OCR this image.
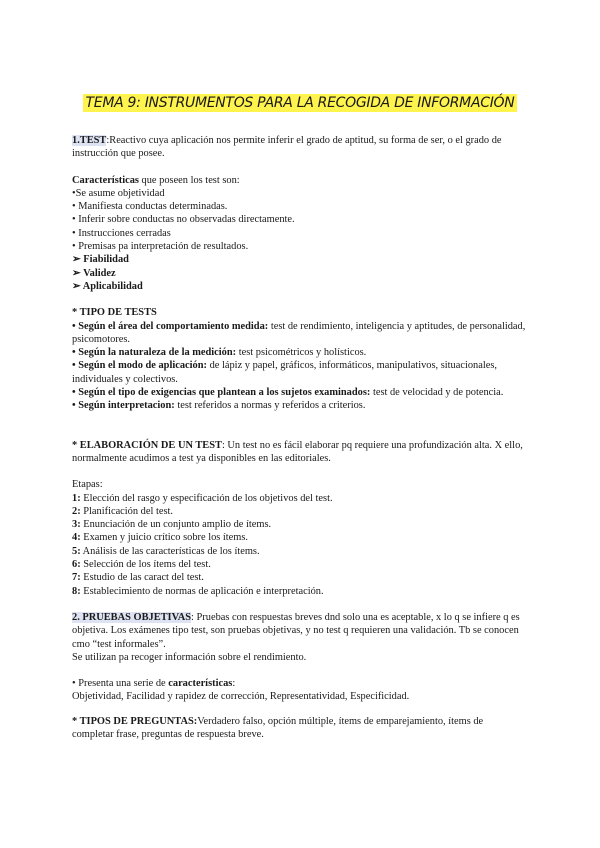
TEMA 9: INSTRUMENTOS PARA LA RECOGIDA DE INFORMACIÓN

1.TEST:Reactivo cuya aplicación nos permite inferir el grado de aptitud, su forma de ser, o el grado de instrucción que posee.

Características que poseen los test son:

•Se asume objetividad

• Manifiesta conductas determinadas.

• Inferir sobre conductas no observadas directamente.

• Instrucciones cerradas

• Premisas pa interpretación de resultados.

➢ Fiabilidad

➢ Validez

➢ Aplicabilidad

* TIPO DE TESTS

• Según el área del comportamiento medida: test de rendimiento, inteligencia y aptitudes, de personalidad, psicomotores.

• Según la naturaleza de la medición: test psicométricos y holísticos.

• Según el modo de aplicación: de lápiz y papel, gráficos, informáticos, manipulativos, situacionales, individuales y colectivos.

• Según el tipo de exigencias que plantean a los sujetos examinados: test de velocidad y de potencia.

• Según interpretacion: test referidos a normas y referidos a criterios.

* ELABORACIÓN DE UN TEST: Un test no es fácil elaborar pq requiere una profundización alta. X ello, normalmente acudimos a test ya disponibles en las editoriales.

Etapas:

1: Elección del rasgo y especificación de los objetivos del test.

2: Planificación del test.

3: Enunciación de un conjunto amplio de ítems.

4: Examen y juicio crítico sobre los ítems.

5: Análisis de las características de los ítems.

6: Selección de los ítems del test.

7: Estudio de las caract del test.

8: Establecimiento de normas de aplicación e interpretación.

2. PRUEBAS OBJETIVAS: Pruebas con respuestas breves dnd solo una es aceptable, x lo q se infiere q es objetiva. Los exámenes tipo test, son pruebas objetivas, y no test q requieren una validación. Tb se conocen cmo “test informales”.

Se utilizan pa recoger información sobre el rendimiento.

• Presenta una serie de características:

Objetividad, Facilidad y rapidez de corrección, Representatividad, Especificidad.

* TIPOS DE PREGUNTAS:Verdadero falso, opción múltiple, ítems de emparejamiento, ítems de completar frase, preguntas de respuesta breve.
